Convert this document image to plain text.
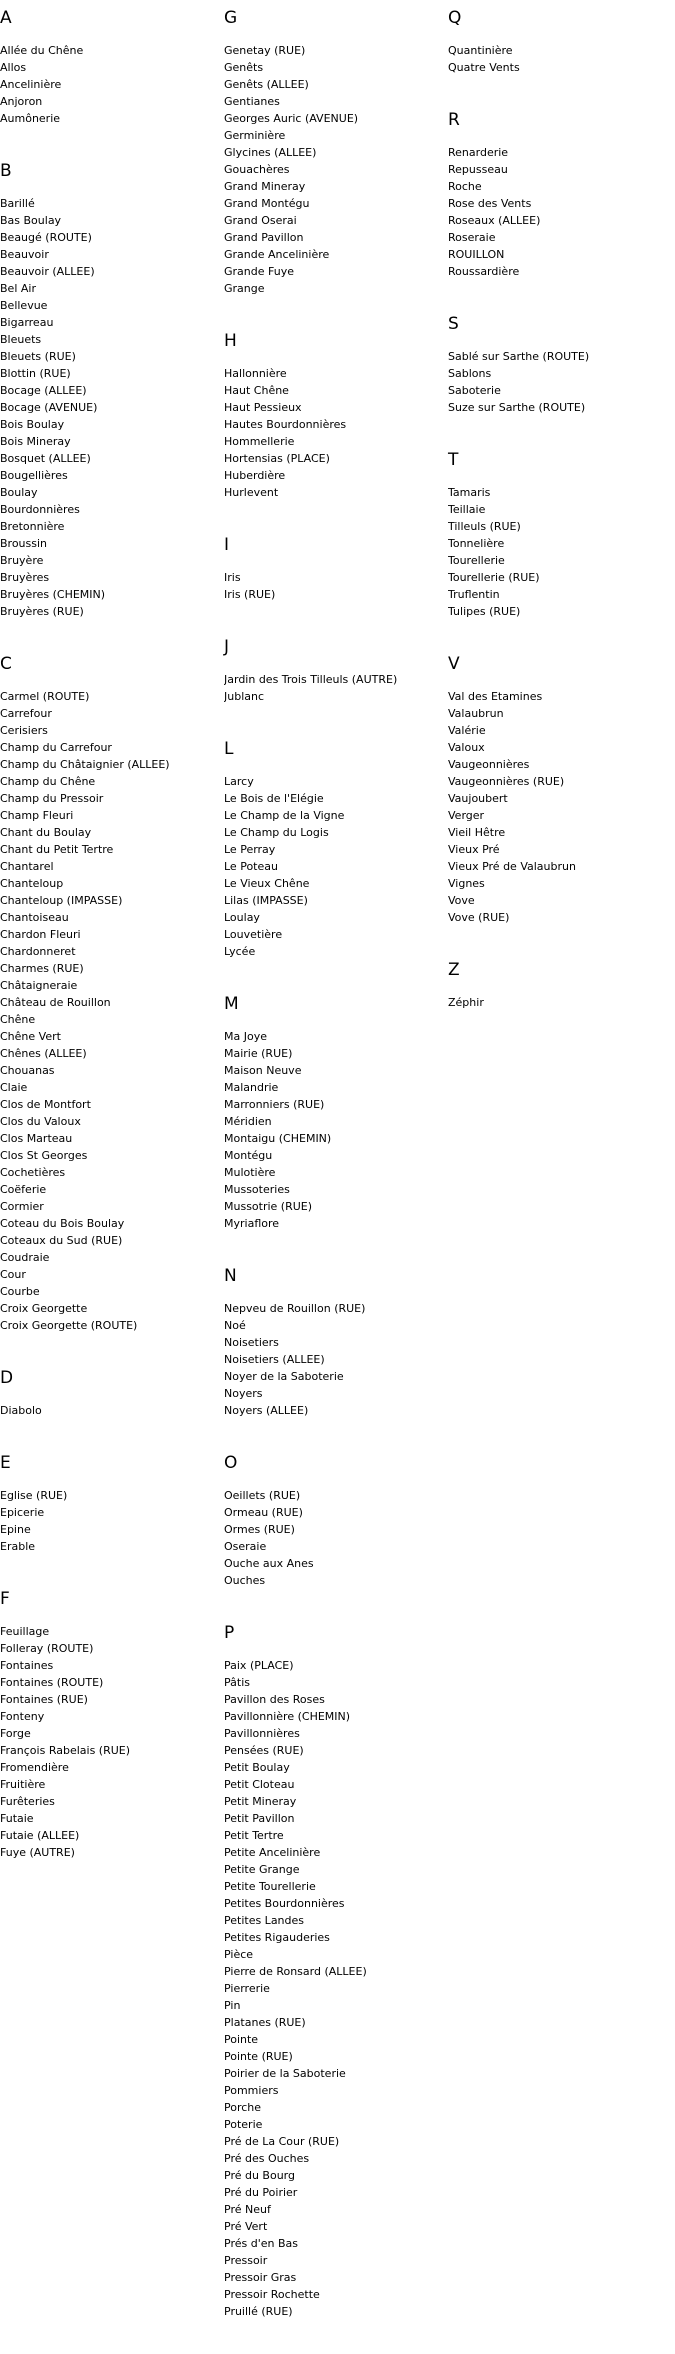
A
Allée du Chêne
Allos
Ancelinière
Anjoron
Aumônerie
B
Barillé
Bas Boulay
Beaugé (ROUTE)
Beauvoir
Beauvoir (ALLEE)
Bel Air
Bellevue
Bigarreau
Bleuets
Bleuets (RUE)
Blottin (RUE)
Bocage (ALLEE)
Bocage (AVENUE)
Bois Boulay
Bois Mineray
Bosquet (ALLEE)
Bougellières
Boulay
Bourdonnières
Bretonnière
Broussin
Bruyère
Bruyères
Bruyères (CHEMIN)
Bruyères (RUE)
C
Carmel (ROUTE)
Carrefour
Cerisiers
Champ du Carrefour
Champ du Châtaignier (ALLEE)
Champ du Chêne
Champ du Pressoir
Champ Fleuri
Chant du Boulay
Chant du Petit Tertre
Chantarel
Chanteloup
Chanteloup (IMPASSE)
Chantoiseau
Chardon Fleuri
Chardonneret
Charmes (RUE)
Châtaigneraie
Château de Rouillon
Chêne
Chêne Vert
Chênes (ALLEE)
Chouanas
Claie
Clos de Montfort
Clos du Valoux
Clos Marteau
Clos St Georges
Cochetières
Coëferie
Cormier
Coteau du Bois Boulay
Coteaux du Sud (RUE)
Coudraie
Cour
Courbe
Croix Georgette
Croix Georgette (ROUTE)
D
Diabolo
E
Eglise (RUE)
Epicerie
Epine
Erable
F
Feuillage
Folleray (ROUTE)
Fontaines
Fontaines (ROUTE)
Fontaines (RUE)
Fonteny
Forge
François Rabelais (RUE)
Fromendière
Fruitière
Furêteries
Futaie
Futaie (ALLEE)
Fuye (AUTRE)
G
Genetay (RUE)
Genêts
Genêts (ALLEE)
Gentianes
Georges Auric (AVENUE)
Germinière
Glycines (ALLEE)
Gouachères
Grand Mineray
Grand Montégu
Grand Oserai
Grand Pavillon
Grande Ancelinière
Grande Fuye
Grange
H
Hallonnière
Haut Chêne
Haut Pessieux
Hautes Bourdonnières
Hommellerie
Hortensias (PLACE)
Huberdière
Hurlevent
I
Iris
Iris (RUE)
J
Jardin des Trois Tilleuls (AUTRE)
Jublanc
L
Larcy
Le Bois de l'Elégie
Le Champ de la Vigne
Le Champ du Logis
Le Perray
Le Poteau
Le Vieux Chêne
Lilas (IMPASSE)
Loulay
Louvetière
Lycée
M
Ma Joye
Mairie (RUE)
Maison Neuve
Malandrie
Marronniers (RUE)
Méridien
Montaigu (CHEMIN)
Montégu
Mulotière
Mussoteries
Mussotrie (RUE)
Myriaflore
N
Nepveu de Rouillon (RUE)
Noé
Noisetiers
Noisetiers (ALLEE)
Noyer de la Saboterie
Noyers
Noyers (ALLEE)
O
Oeillets (RUE)
Ormeau (RUE)
Ormes (RUE)
Oseraie
Ouche aux Anes
Ouches
P
Paix (PLACE)
Pâtis
Pavillon des Roses
Pavillonnière (CHEMIN)
Pavillonnières
Pensées (RUE)
Petit Boulay
Petit Cloteau
Petit Mineray
Petit Pavillon
Petit Tertre
Petite Ancelinière
Petite Grange
Petite Tourellerie
Petites Bourdonnières
Petites Landes
Petites Rigauderies
Pièce
Pierre de Ronsard (ALLEE)
Pierrerie
Pin
Platanes (RUE)
Pointe
Pointe (RUE)
Poirier de la Saboterie
Pommiers
Porche
Poterie
Pré de La Cour (RUE)
Pré des Ouches
Pré du Bourg
Pré du Poirier
Pré Neuf
Pré Vert
Prés d'en Bas
Pressoir
Pressoir Gras
Pressoir Rochette
Pruillé (RUE)
Q
Quantinière
Quatre Vents
R
Renarderie
Repusseau
Roche
Rose des Vents
Roseaux (ALLEE)
Roseraie
ROUILLON
Roussardière
S
Sablé sur Sarthe (ROUTE)
Sablons
Saboterie
Suze sur Sarthe (ROUTE)
T
Tamaris
Teillaie
Tilleuls (RUE)
Tonnelière
Tourellerie
Tourellerie (RUE)
Truflentin
Tulipes (RUE)
V
Val des Etamines
Valaubrun
Valérie
Valoux
Vaugeonnières
Vaugeonnières (RUE)
Vaujoubert
Verger
Vieil Hêtre
Vieux Pré
Vieux Pré de Valaubrun
Vignes
Vove
Vove (RUE)
Z
Zéphir
